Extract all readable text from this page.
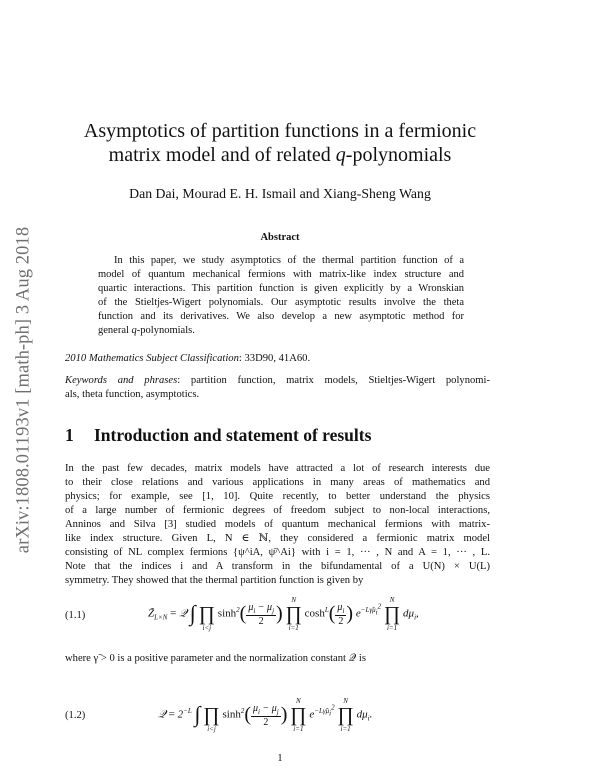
arXiv:1808.01193v1 [math-ph] 3 Aug 2018
Asymptotics of partition functions in a fermionic
matrix model and of related q-polynomials
Dan Dai, Mourad E. H. Ismail and Xiang-Sheng Wang
Abstract
In this paper, we study asymptotics of the thermal partition function of a
model of quantum mechanical fermions with matrix-like index structure and
quartic interactions. This partition function is given explicitly by a Wronskian
of the Stieltjes-Wigert polynomials. Our asymptotic results involve the theta
function and its derivatives. We also develop a new asymptotic method for
general q-polynomials.
2010 Mathematics Subject Classification: 33D90, 41A60.
Keywords and phrases: partition function, matrix models, Stieltjes-Wigert polynomi-
als, theta function, asymptotics.
1 Introduction and statement of results
In the past few decades, matrix models have attracted a lot of research interests due
to their close relations and various applications in many areas of mathematics and
physics; for example, see [1, 10]. Quite recently, to better understand the physics
of a large number of fermionic degrees of freedom subject to non-local interactions,
Anninos and Silva [3] studied models of quantum mechanical fermions with matrix-
like index structure. Given L, N ∈ ℕ, they considered a fermionic matrix model
consisting of NL complex fermions {ψ^iA, ψ̄^Ai} with i = 1, ··· , N and A = 1, ··· , L.
Note that the indices i and A transform in the bifundamental of a U(N) × U(L)
symmetry. They showed that the thermal partition function is given by
(1.1)	$Z̃_{L\times N}$ = 𝒬 ∫
∏
i<j
$\sinh^2( \frac{\mu_i - \mu_j}{2}$ )
N
∏
i=1
$\cosh^L( \frac{\mu_i}{2}$ ) $e^{-L\gammã\mu_i^2}$
N
∏
i=1
$d\mu_i$,
where γ̃ > 0 is a positive parameter and the normalization constant 𝒬 is
(1.2)	𝒬 = $2^{-L}$ ∫
∏
i<j
$\sinh^2( \frac{\mu_i - \mu_j}{2}$ )
N
∏
i=1
$e^{-L\gammã\mu_i^2}$
N
∏
i=1
$d\mu_i$.
1
